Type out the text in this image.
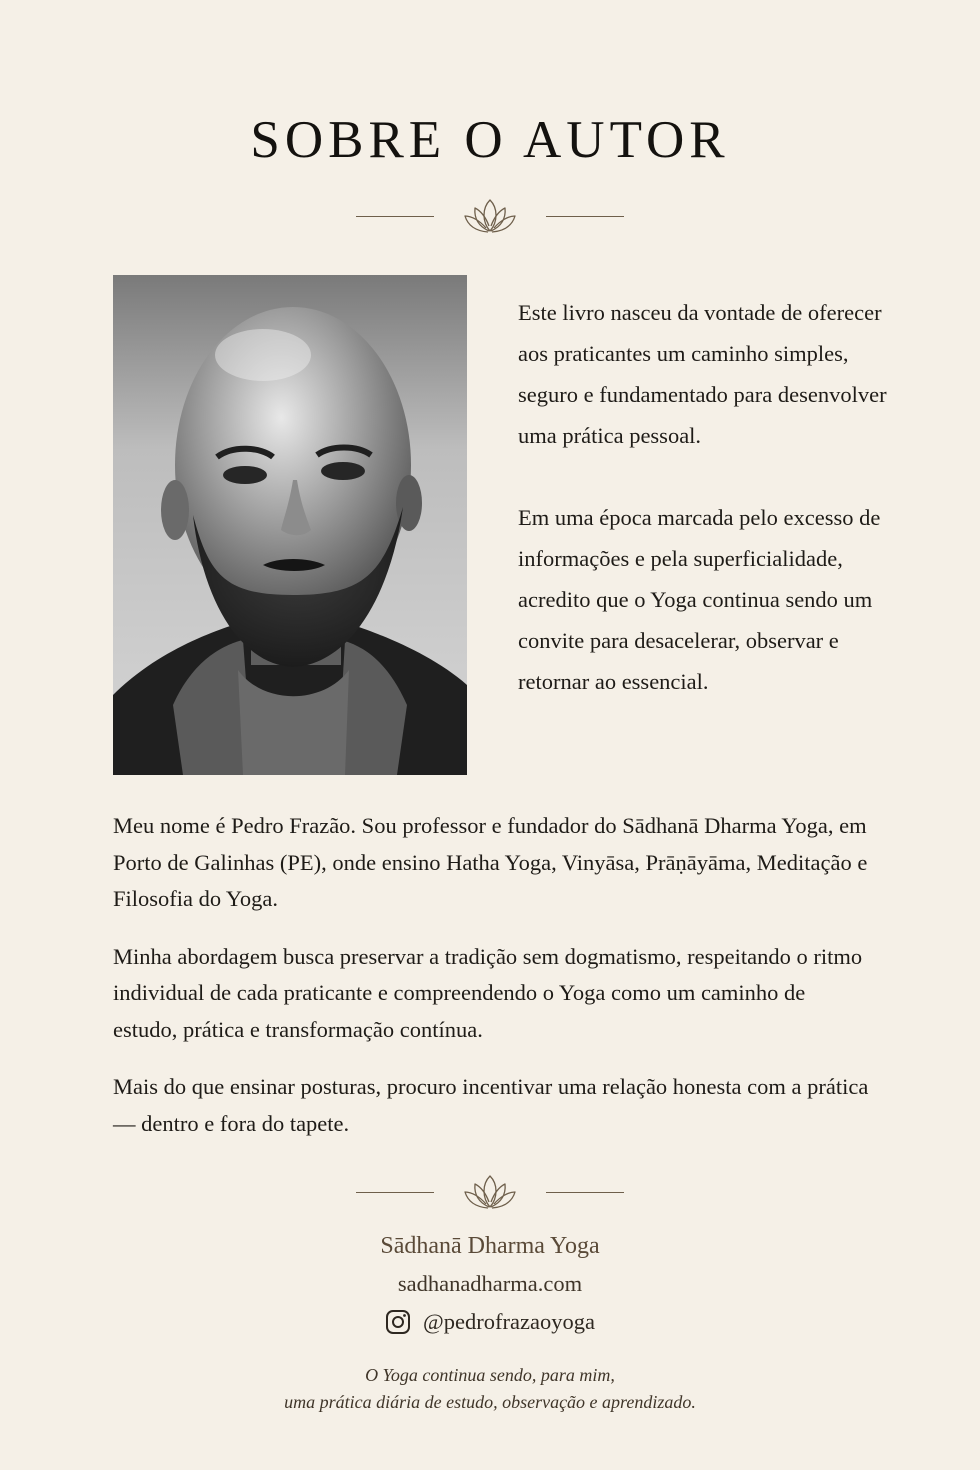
SOBRE O AUTOR

Este livro nasceu da vontade de oferecer aos praticantes um caminho simples, seguro e fundamentado para desenvolver uma prática pessoal.

Em uma época marcada pelo excesso de informações e pela superficialidade, acredito que o Yoga continua sendo um convite para desacelerar, observar e retornar ao essencial.

Meu nome é Pedro Frazão. Sou professor e fundador do Sādhanā Dharma Yoga, em Porto de Galinhas (PE), onde ensino Hatha Yoga, Vinyāsa, Prāṇāyāma, Meditação e Filosofia do Yoga.

Minha abordagem busca preservar a tradição sem dogmatismo, respeitando o ritmo individual de cada praticante e compreendendo o Yoga como um caminho de estudo, prática e transformação contínua.

Mais do que ensinar posturas, procuro incentivar uma relação honesta com a prática — dentro e fora do tapete.

Sādhanā Dharma Yoga
sadhanadharma.com
@pedrofrazaoyoga
O Yoga continua sendo, para mim,
uma prática diária de estudo, observação e aprendizado.
